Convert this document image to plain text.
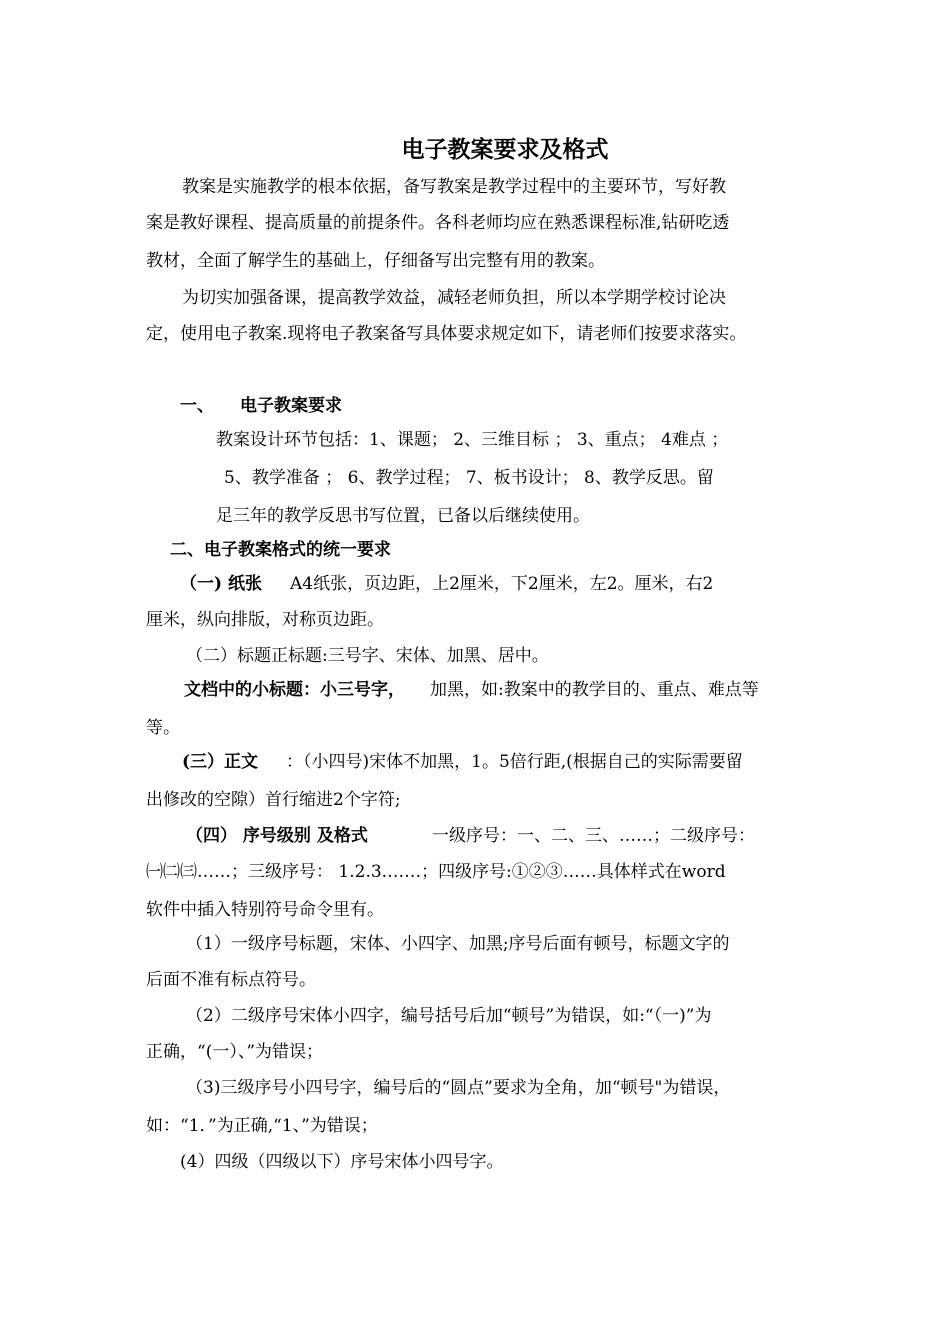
电子教案要求及格式
教案是实施教学的根本依据，备写教案是教学过程中的主要环节，写好教
案是教好课程、提高质量的前提条件。各科老师均应在熟悉课程标准,钻研吃透
教材，全面了解学生的基础上，仔细备写出完整有用的教案。
为切实加强备课，提高教学效益，减轻老师负担，所以本学期学校讨论决
定，使用电子教案.现将电子教案备写具体要求规定如下，请老师们按要求落实。
一、 电子教案要求
教案设计环节包括：1、课题； 2、三维目标 ； 3、重点； 4难点 ；
5、教学准备 ； 6、教学过程； 7、板书设计； 8、教学反思。留
足三年的教学反思书写位置，已备以后继续使用。
二、电子教案格式的统一要求
（一) 纸张 A4纸张，页边距，上2厘米，下2厘米，左2。厘米，右2
厘米，纵向排版，对称页边距。
（二）标题正标题:三号字、宋体、加黑、居中。
文档中的小标题：小三号字， 加黑，如:教案中的教学目的、重点、难点等
等。
(三）正文 ：（小四号)宋体不加黑，1。5倍行距,(根据自己的实际需要留
出修改的空隙）首行缩进2个字符;
（四） 序号级别 及格式	一级序号：一、二、三、……；二级序号：
㈠㈡㈢……；三级序号： 1.2.3.……；四级序号:①②③……具体样式在word
软件中插入特别符号命令里有。
（1）一级序号标题，宋体、小四字、加黑;序号后面有顿号，标题文字的
后面不准有标点符号。
（2）二级序号宋体小四字，编号括号后加“顿号”为错误，如:“（一)”为
正确，“(一）、”为错误；
（3)三级序号小四号字，编号后的“圆点”要求为全角，加“顿号"为错误，
如：“1．”为正确,“1、”为错误；
(4）四级（四级以下）序号宋体小四号字。
